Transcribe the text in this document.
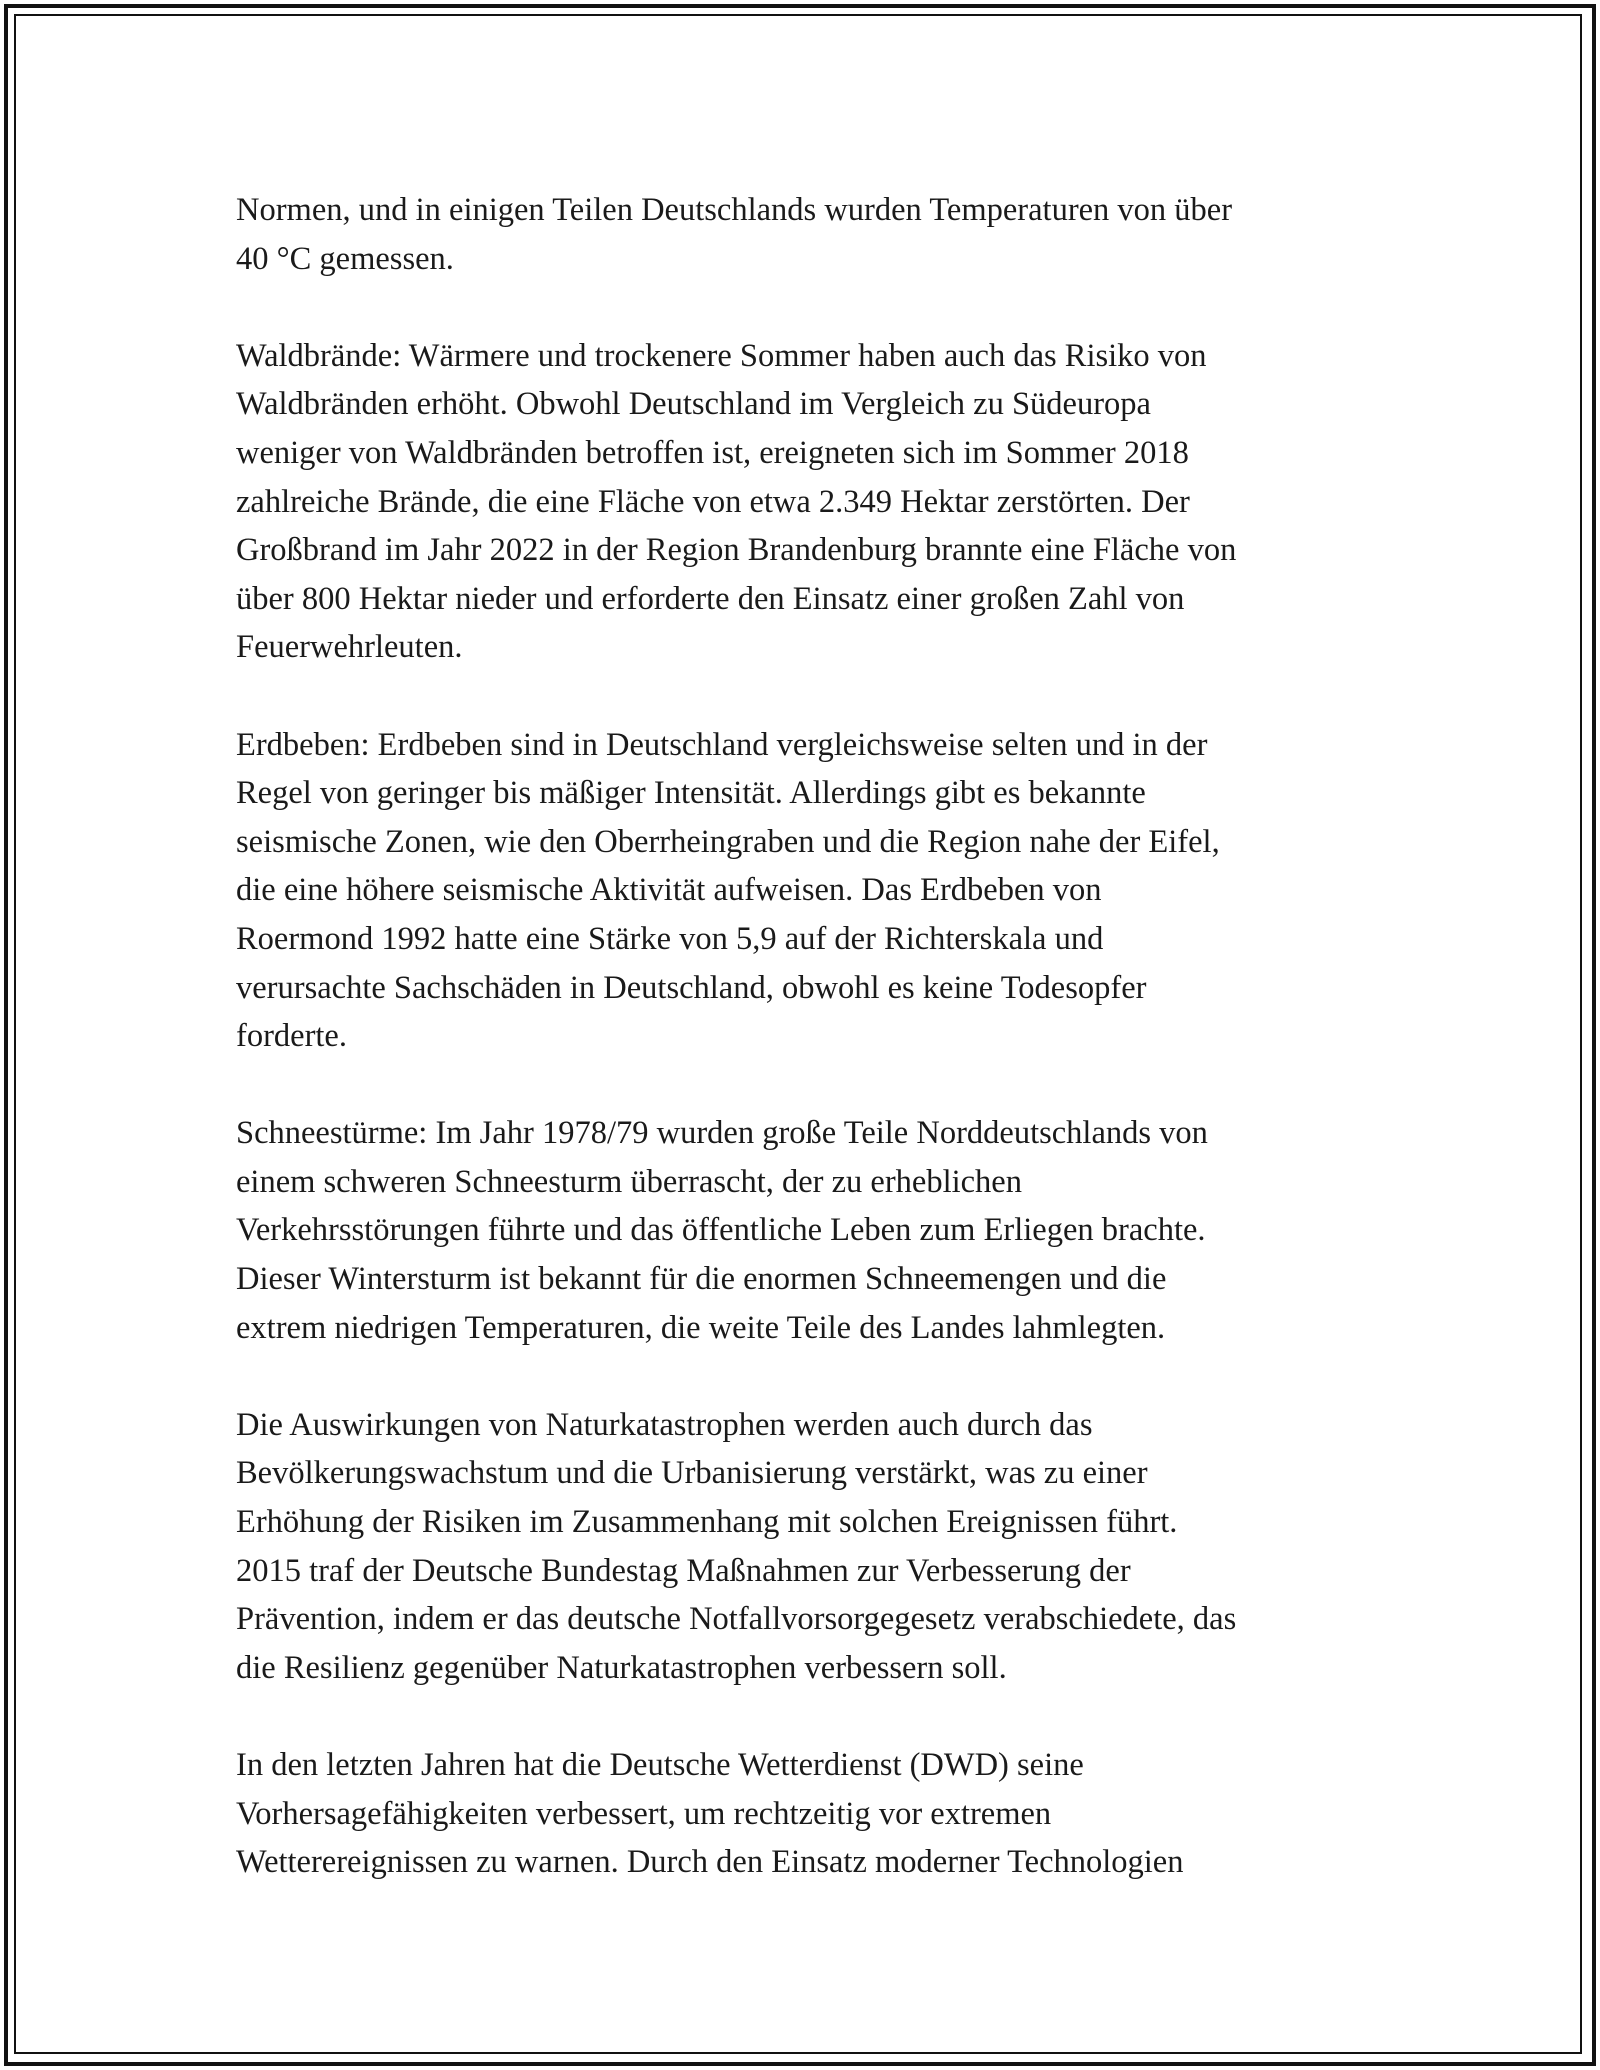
Normen, und in einigen Teilen Deutschlands wurden Temperaturen von über
40 °C gemessen.

Waldbrände: Wärmere und trockenere Sommer haben auch das Risiko von
Waldbränden erhöht. Obwohl Deutschland im Vergleich zu Südeuropa
weniger von Waldbränden betroffen ist, ereigneten sich im Sommer 2018
zahlreiche Brände, die eine Fläche von etwa 2.349 Hektar zerstörten. Der
Großbrand im Jahr 2022 in der Region Brandenburg brannte eine Fläche von
über 800 Hektar nieder und erforderte den Einsatz einer großen Zahl von
Feuerwehrleuten.

Erdbeben: Erdbeben sind in Deutschland vergleichsweise selten und in der
Regel von geringer bis mäßiger Intensität. Allerdings gibt es bekannte
seismische Zonen, wie den Oberrheingraben und die Region nahe der Eifel,
die eine höhere seismische Aktivität aufweisen. Das Erdbeben von
Roermond 1992 hatte eine Stärke von 5,9 auf der Richterskala und
verursachte Sachschäden in Deutschland, obwohl es keine Todesopfer
forderte.

Schneestürme: Im Jahr 1978/79 wurden große Teile Norddeutschlands von
einem schweren Schneesturm überrascht, der zu erheblichen
Verkehrsstörungen führte und das öffentliche Leben zum Erliegen brachte.
Dieser Wintersturm ist bekannt für die enormen Schneemengen und die
extrem niedrigen Temperaturen, die weite Teile des Landes lahmlegten.

Die Auswirkungen von Naturkatastrophen werden auch durch das
Bevölkerungswachstum und die Urbanisierung verstärkt, was zu einer
Erhöhung der Risiken im Zusammenhang mit solchen Ereignissen führt.
2015 traf der Deutsche Bundestag Maßnahmen zur Verbesserung der
Prävention, indem er das deutsche Notfallvorsorgegesetz verabschiedete, das
die Resilienz gegenüber Naturkatastrophen verbessern soll.

In den letzten Jahren hat die Deutsche Wetterdienst (DWD) seine
Vorhersagefähigkeiten verbessert, um rechtzeitig vor extremen
Wetterereignissen zu warnen. Durch den Einsatz moderner Technologien
